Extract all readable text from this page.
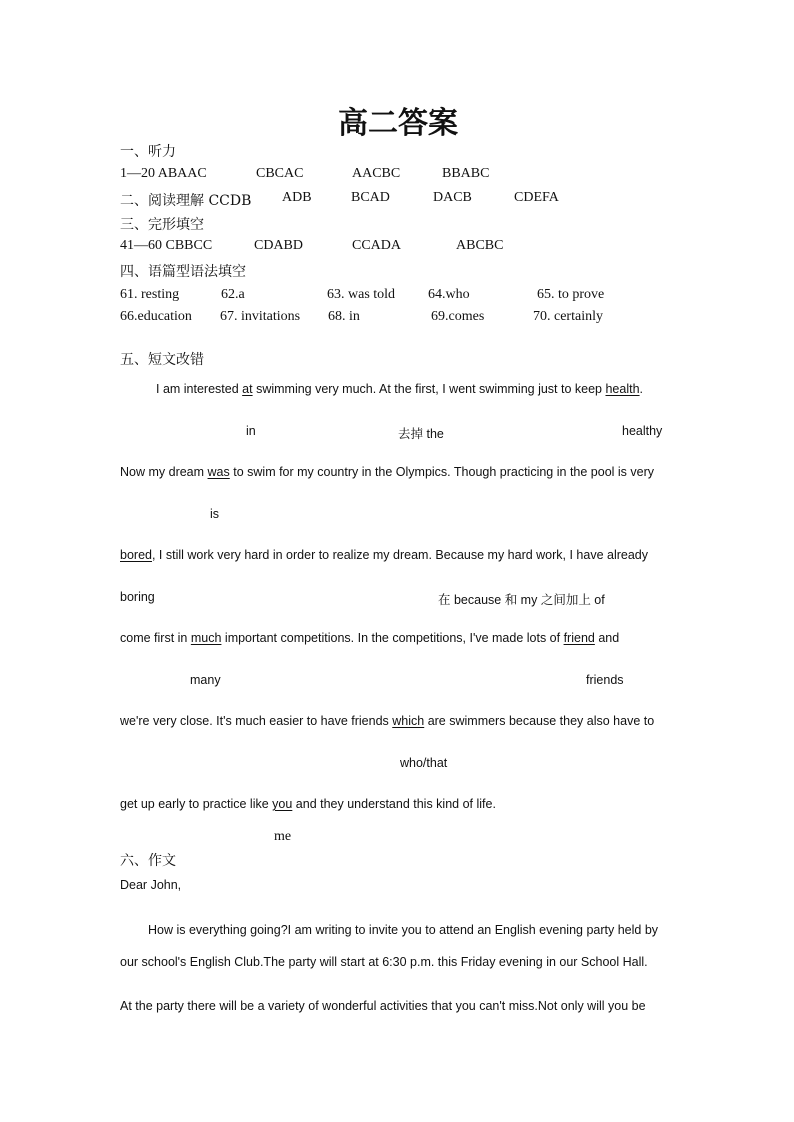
高二答案
一、听力
1—20 ABAAC	CBCAC	AACBC	BBABC
二、阅读理解 CCDB ADB	BCAD	DACB	CDEFA
三、完形填空
41—60 CBBCC	CDABD	CCADA	ABCBC
四、语篇型语法填空
61. resting	62.a	63. was told 64.who	65. to prove
66.education 67. invitations 68. in	69.comes	70. certainly
五、短文改错
I am interested at swimming very much. At the first, I went swimming just to keep health.
in	去掉 the	healthy
Now my dream was to swim for my country in the Olympics. Though practicing in the pool is very
is
bored, I still work very hard in order to realize my dream. Because my hard work, I have already
boring	在 because 和 my 之间加上 of
come first in much important competitions. In the competitions, I've made lots of friend and
many	friends
we're very close. It's much easier to have friends which are swimmers because they also have to
who/that
get up early to practice like you and they understand this kind of life.
me
六、作文
Dear John,
How is everything going?I am writing to invite you to attend an English evening party held by
our school's English Club.The party will start at 6:30 p.m. this Friday evening in our School Hall.
At the party there will be a variety of wonderful activities that you can't miss.Not only will you be
